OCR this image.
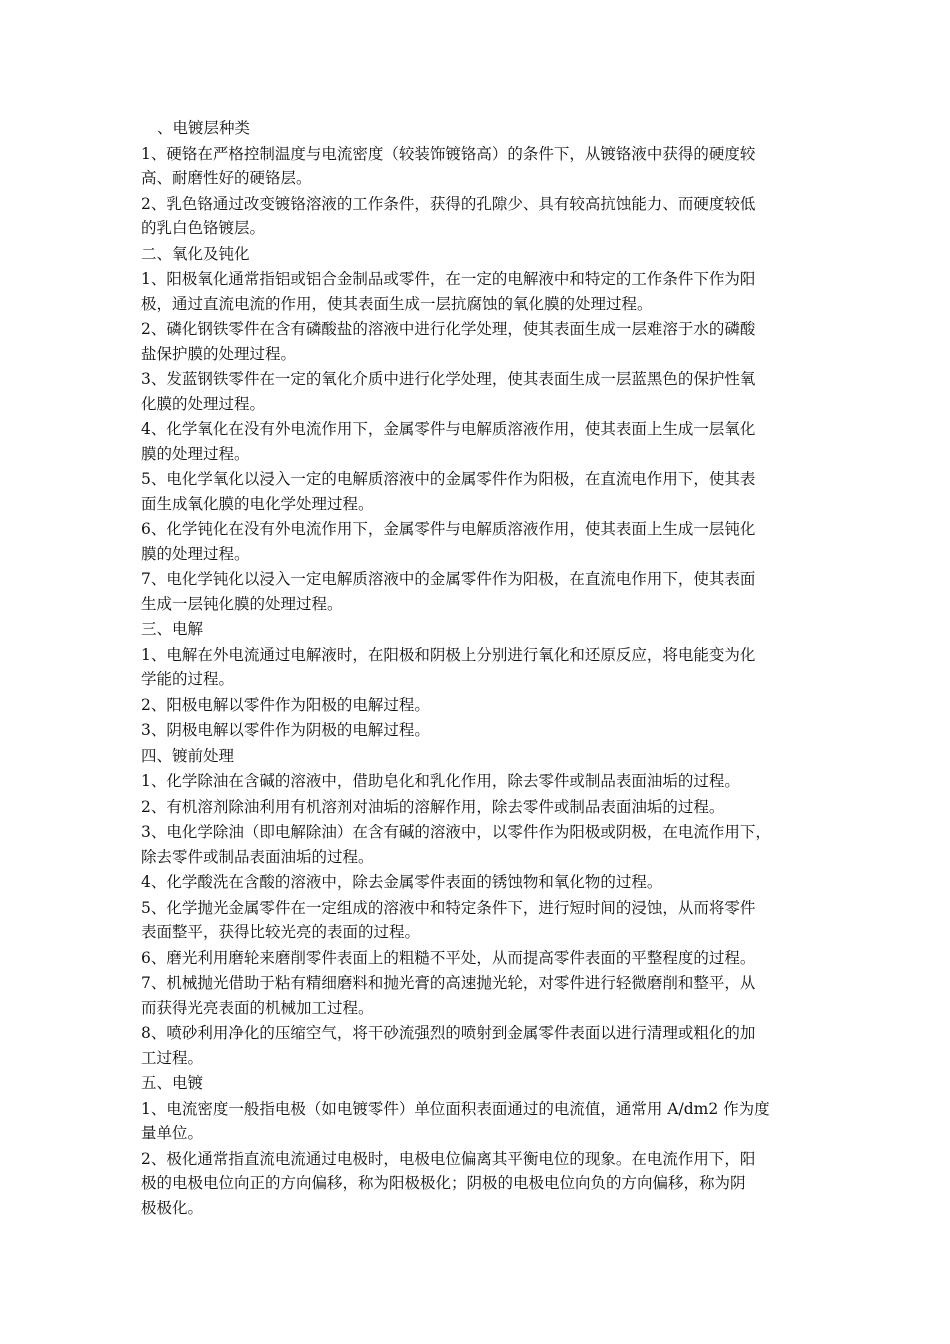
、电镀层种类
1、硬铬在严格控制温度与电流密度（较装饰镀铬高）的条件下，从镀铬液中获得的硬度较
高、耐磨性好的硬铬层。
2、乳色铬通过改变镀铬溶液的工作条件，获得的孔隙少、具有较高抗蚀能力、而硬度较低
的乳白色铬镀层。
二、氧化及钝化
1、阳极氧化通常指铝或铝合金制品或零件，在一定的电解液中和特定的工作条件下作为阳
极，通过直流电流的作用，使其表面生成一层抗腐蚀的氧化膜的处理过程。
2、磷化钢铁零件在含有磷酸盐的溶液中进行化学处理，使其表面生成一层难溶于水的磷酸
盐保护膜的处理过程。
3、发蓝钢铁零件在一定的氧化介质中进行化学处理，使其表面生成一层蓝黑色的保护性氧
化膜的处理过程。
4、化学氧化在没有外电流作用下，金属零件与电解质溶液作用，使其表面上生成一层氧化
膜的处理过程。
5、电化学氧化以浸入一定的电解质溶液中的金属零件作为阳极，在直流电作用下，使其表
面生成氧化膜的电化学处理过程。
6、化学钝化在没有外电流作用下，金属零件与电解质溶液作用，使其表面上生成一层钝化
膜的处理过程。
7、电化学钝化以浸入一定电解质溶液中的金属零件作为阳极，在直流电作用下，使其表面
生成一层钝化膜的处理过程。
三、电解
1、电解在外电流通过电解液时，在阳极和阴极上分别进行氧化和还原反应，将电能变为化
学能的过程。
2、阳极电解以零件作为阳极的电解过程。
3、阴极电解以零件作为阴极的电解过程。
四、镀前处理
1、化学除油在含碱的溶液中，借助皂化和乳化作用，除去零件或制品表面油垢的过程。
2、有机溶剂除油利用有机溶剂对油垢的溶解作用，除去零件或制品表面油垢的过程。
3、电化学除油（即电解除油）在含有碱的溶液中，以零件作为阳极或阴极，在电流作用下，
除去零件或制品表面油垢的过程。
4、化学酸洗在含酸的溶液中，除去金属零件表面的锈蚀物和氧化物的过程。
5、化学抛光金属零件在一定组成的溶液中和特定条件下，进行短时间的浸蚀，从而将零件
表面整平，获得比较光亮的表面的过程。
6、磨光利用磨轮来磨削零件表面上的粗糙不平处，从而提高零件表面的平整程度的过程。
7、机械抛光借助于粘有精细磨料和抛光膏的高速抛光轮，对零件进行轻微磨削和整平，从
而获得光亮表面的机械加工过程。
8、喷砂利用净化的压缩空气，将干砂流强烈的喷射到金属零件表面以进行清理或粗化的加
工过程。
五、电镀
1、电流密度一般指电极（如电镀零件）单位面积表面通过的电流值，通常用 A/dm2 作为度
量单位。
2、极化通常指直流电流通过电极时，电极电位偏离其平衡电位的现象。在电流作用下，阳
极的电极电位向正的方向偏移，称为阳极极化；阴极的电极电位向负的方向偏移，称为阴
极极化。
